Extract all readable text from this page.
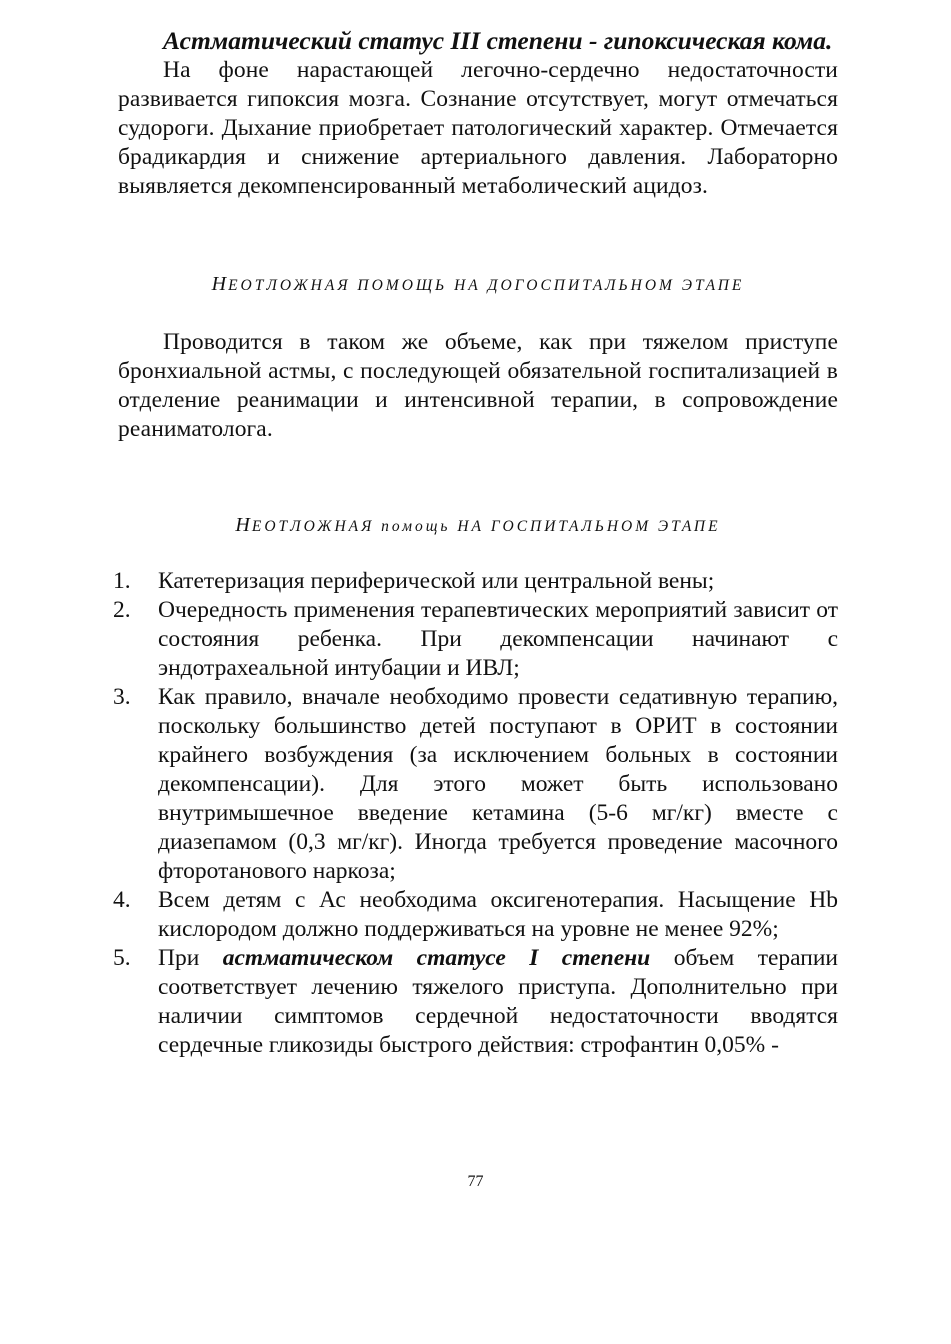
Астматический статус III степени - гипоксическая кома.

На фоне нарастающей легочно-сердечно недостаточности развивается гипоксия мозга. Сознание отсутствует, могут отмечаться судороги. Дыхание приобретает патологический характер. Отмечается брадикардия и снижение артериального давления. Лабораторно выявляется декомпенсированный метаболический ацидоз.

НЕОТЛОЖНАЯ ПОМОЩЬ НА ДОГОСПИТАЛЬНОМ ЭТАПЕ

Проводится в таком же объеме, как при тяжелом приступе бронхиальной астмы, с последующей обязательной госпитализацией в отделение реанимации и интенсивной терапии, в сопровождение реаниматолога.

НЕОТЛОЖНАЯ помощь НА ГОСПИТАЛЬНОМ ЭТАПЕ

1.	Катетеризация периферической или центральной вены;
2.	Очередность применения терапевтических мероприятий зависит от состояния ребенка. При декомпенсации начинают с эндотрахеальной интубации и ИВЛ;
3.	Как правило, вначале необходимо провести седативную терапию, поскольку большинство детей поступают в ОРИТ в состоянии крайнего возбуждения (за исключением больных в состоянии декомпенсации). Для этого может быть использовано внутримышечное введение кетамина (5-6 мг/кг) вместе с диазепамом (0,3 мг/кг). Иногда требуется проведение масочного фторотанового наркоза;
4.	Всем детям с Ас необходима оксигенотерапия. Насыщение Нb кислородом должно поддерживаться на уровне не менее 92%;
5.	При астматическом статусе I степени объем терапии соответствует лечению тяжелого приступа. Дополнительно при наличии симптомов сердечной недостаточности вводятся сердечные гликозиды быстрого действия: строфантин 0,05% -
77
